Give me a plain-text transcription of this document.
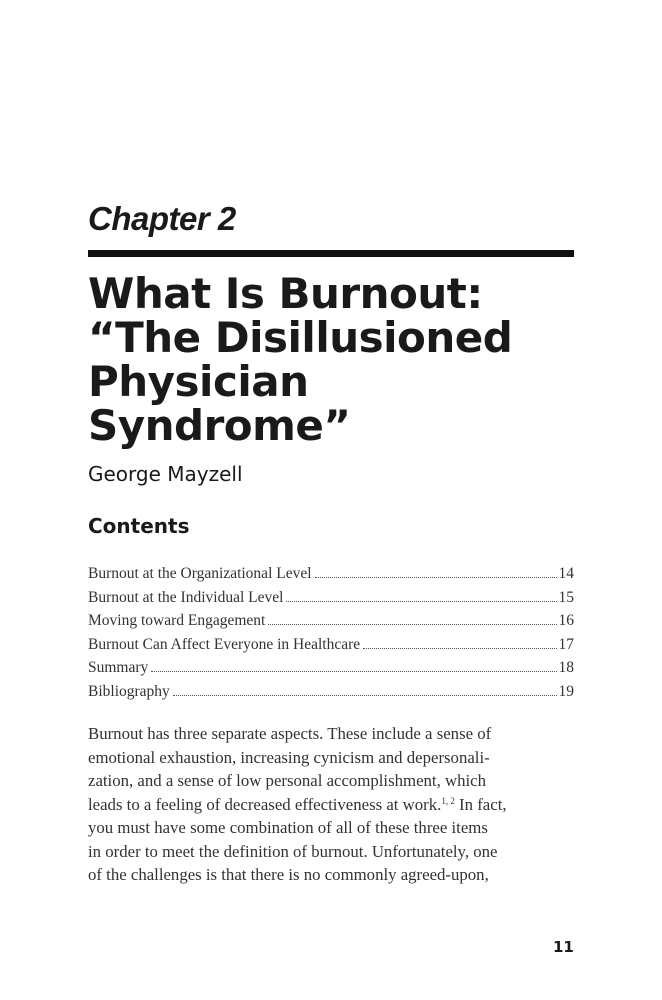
Chapter 2
What Is Burnout:
“The Disillusioned
Physician Syndrome”

George Mayzell

Contents
Burnout at the Organizational Level	14
Burnout at the Individual Level	15
Moving toward Engagement	16
Burnout Can Affect Everyone in Healthcare	17
Summary	18
Bibliography	19

Burnout has three separate aspects. These include a sense of
emotional exhaustion, increasing cynicism and depersonali-
zation, and a sense of low personal accomplishment, which
leads to a feeling of decreased effectiveness at work.$^{1, 2}$ In fact,
you must have some combination of all of these three items
in order to meet the definition of burnout. Unfortunately, one
of the challenges is that there is no commonly agreed-upon,

11
